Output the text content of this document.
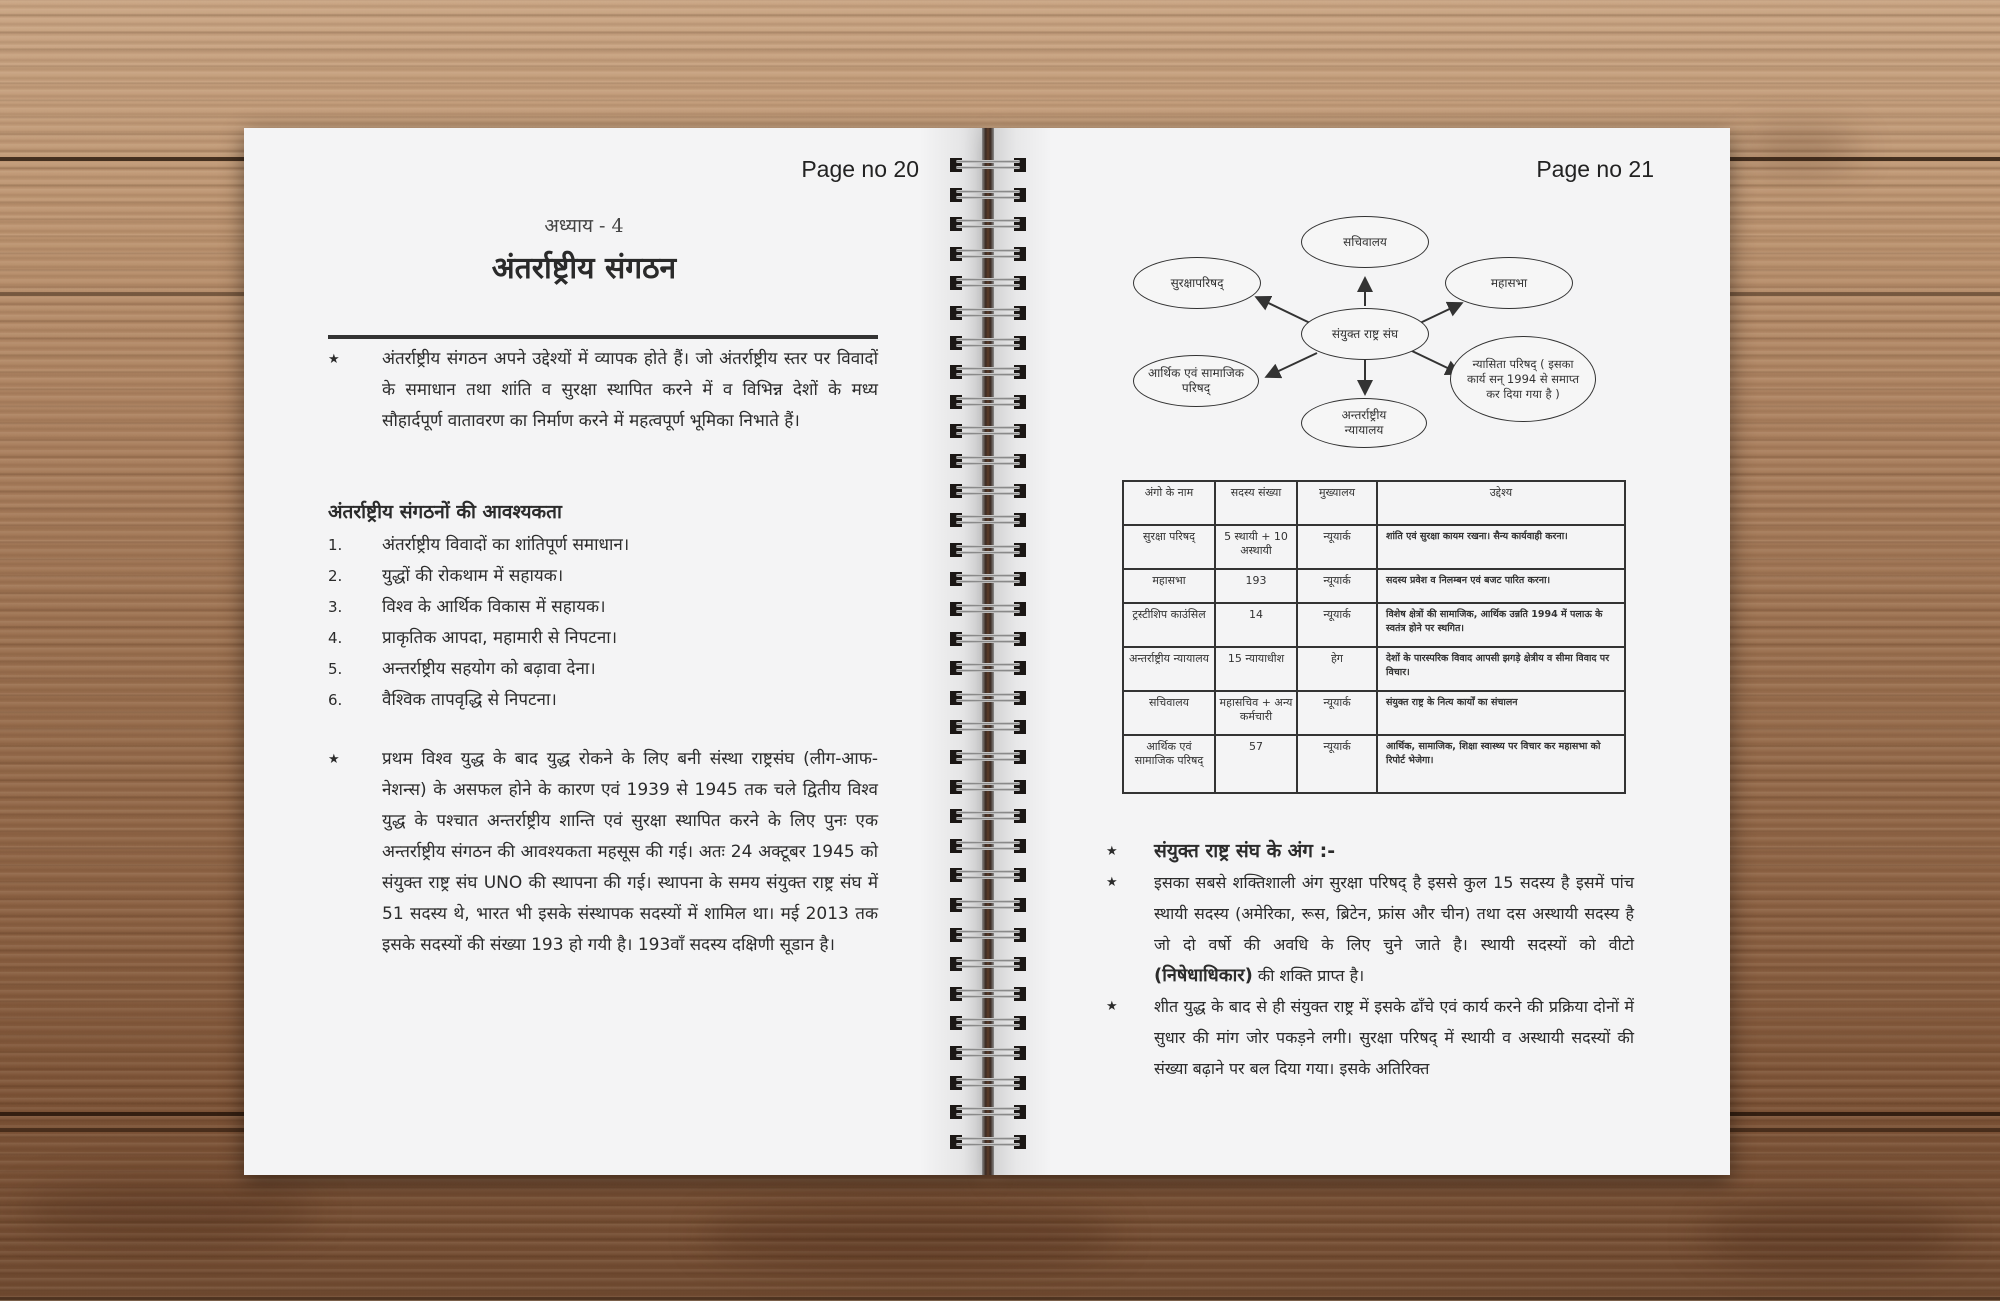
Page no 20
अध्याय - 4
अंतर्राष्ट्रीय संगठन
★ अंतर्राष्ट्रीय संगठन अपने उद्देश्यों में व्यापक होते हैं। जो अंतर्राष्ट्रीय स्तर पर विवादों के समाधान तथा शांति व सुरक्षा स्थापित करने में व विभिन्न देशों के मध्य सौहार्दपूर्ण वातावरण का निर्माण करने में महत्वपूर्ण भूमिका निभाते हैं।
अंतर्राष्ट्रीय संगठनों की आवश्यकता
1.	अंतर्राष्ट्रीय विवादों का शांतिपूर्ण समाधान।
2.	युद्धों की रोकथाम में सहायक।
3.	विश्व के आर्थिक विकास में सहायक।
4.	प्राकृतिक आपदा, महामारी से निपटना।
5.	अन्तर्राष्ट्रीय सहयोग को बढ़ावा देना।
6.	वैश्विक तापवृद्धि से निपटना।
★ प्रथम विश्व युद्ध के बाद युद्ध रोकने के लिए बनी संस्था राष्ट्रसंघ (लीग-आफ-नेशन्स) के असफल होने के कारण एवं 1939 से 1945 तक चले द्वितीय विश्व युद्ध के पश्चात अन्तर्राष्ट्रीय शान्ति एवं सुरक्षा स्थापित करने के लिए पुनः एक अन्तर्राष्ट्रीय संगठन की आवश्यकता महसूस की गई। अतः 24 अक्टूबर 1945 को संयुक्त राष्ट्र संघ UNO की स्थापना की गई। स्थापना के समय संयुक्त राष्ट्र संघ में 51 सदस्य थे, भारत भी इसके संस्थापक सदस्यों में शामिल था। मई 2013 तक इसके सदस्यों की संख्या 193 हो गयी है। 193वाँ सदस्य दक्षिणी सूडान है।
Page no 21
सचिवालय
सुरक्षापरिषद्	महासभा
संयुक्त राष्ट्र संघ
आर्थिक एवं सामाजिक परिषद्
अन्तर्राष्ट्रीय न्यायालय
न्यासिता परिषद् ( इसका कार्य सन् 1994 से समाप्त कर दिया गया है )
अंगो के नाम	सदस्य संख्या	मुख्यालय	उद्देश्य
सुरक्षा परिषद्	5 स्थायी + 10 अस्थायी	न्यूयार्क	शांति एवं सुरक्षा कायम रखना। सैन्य कार्यवाही करना।
महासभा	193	न्यूयार्क	सदस्य प्रवेश व निलम्बन एवं बजट पारित करना।
ट्रस्टीशिप काउंसिल	14	न्यूयार्क	विशेष क्षेत्रों की सामाजिक, आर्थिक उन्नति 1994 में पलाऊ के स्वतंत्र होने पर स्थगित।
अन्तर्राष्ट्रीय न्यायालय	15 न्यायाधीश	हेग	देशों के पारस्परिक विवाद आपसी झगड़े क्षेत्रीय व सीमा विवाद पर विचार।
सचिवालय	महासचिव + अन्य कर्मचारी	न्यूयार्क	संयुक्त राष्ट्र के नित्य कार्यों का संचालन
आर्थिक एवं सामाजिक परिषद्	57	न्यूयार्क	आर्थिक, सामाजिक, शिक्षा स्वास्थ्य पर विचार कर महासभा को रिपोर्ट भेजेगा।
★ संयुक्त राष्ट्र संघ के अंग :-
★ इसका सबसे शक्तिशाली अंग सुरक्षा परिषद् है इससे कुल 15 सदस्य है इसमें पांच स्थायी सदस्य (अमेरिका, रूस, ब्रिटेन, फ्रांस और चीन) तथा दस अस्थायी सदस्य है जो दो वर्षो की अवधि के लिए चुने जाते है। स्थायी सदस्यों को वीटो (निषेधाधिकार) की शक्ति प्राप्त है।
★ शीत युद्ध के बाद से ही संयुक्त राष्ट्र में इसके ढाँचे एवं कार्य करने की प्रक्रिया दोनों में सुधार की मांग जोर पकड़ने लगी। सुरक्षा परिषद् में स्थायी व अस्थायी सदस्यों की संख्या बढ़ाने पर बल दिया गया। इसके अतिरिक्त
